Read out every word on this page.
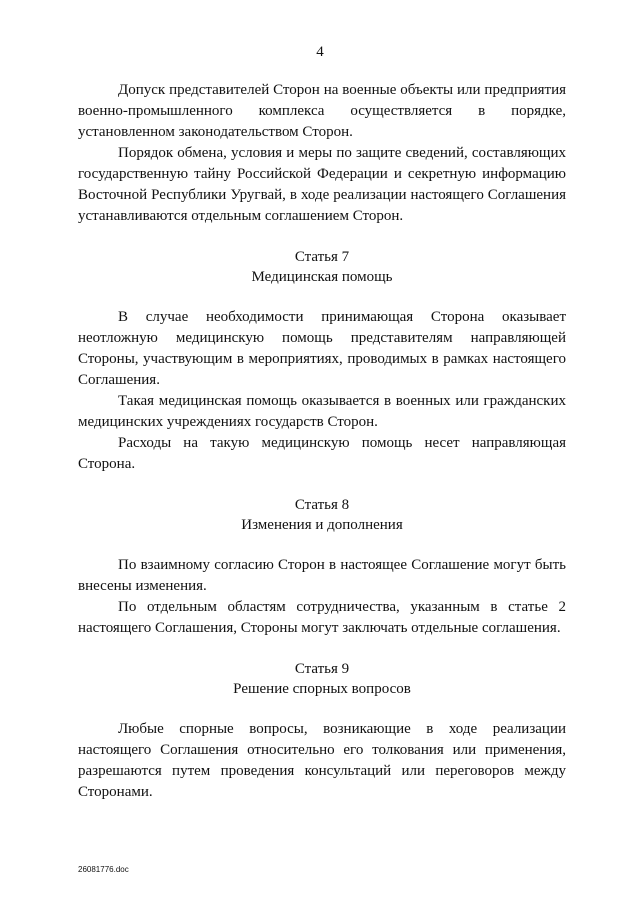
4

Допуск представителей Сторон на военные объекты или предприятия военно-промышленного комплекса осуществляется в порядке, установленном законодательством Сторон.

Порядок обмена, условия и меры по защите сведений, составляющих государственную тайну Российской Федерации и секретную информацию Восточной Республики Уругвай, в ходе реализации настоящего Соглашения устанавливаются отдельным соглашением Сторон.

Статья 7
Медицинская помощь

В случае необходимости принимающая Сторона оказывает неотложную медицинскую помощь представителям направляющей Стороны, участвующим в мероприятиях, проводимых в рамках настоящего Соглашения.

Такая медицинская помощь оказывается в военных или гражданских медицинских учреждениях государств Сторон.

Расходы на такую медицинскую помощь несет направляющая Сторона.

Статья 8
Изменения и дополнения

По взаимному согласию Сторон в настоящее Соглашение могут быть внесены изменения.

По отдельным областям сотрудничества, указанным в статье 2 настоящего Соглашения, Стороны могут заключать отдельные соглашения.

Статья 9
Решение спорных вопросов

Любые спорные вопросы, возникающие в ходе реализации настоящего Соглашения относительно его толкования или применения, разрешаются путем проведения консультаций или переговоров между Сторонами.

26081776.doc
